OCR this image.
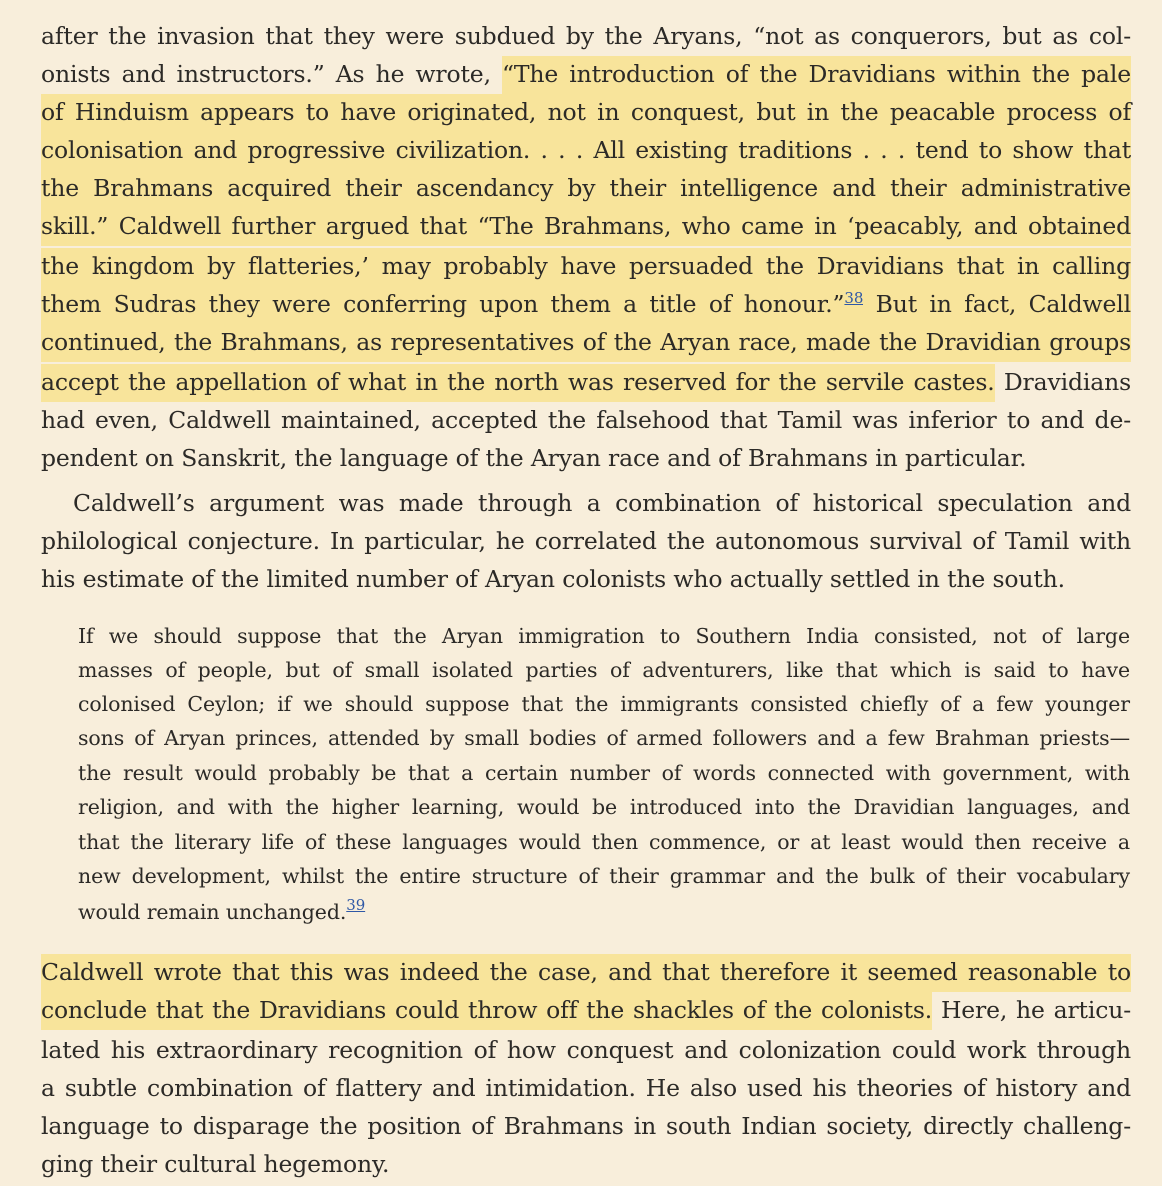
after the invasion that they were subdued by the Aryans, “not as conquerors, but as col-
onists and instructors.” As he wrote, “The introduction of the Dravidians within the pale
of Hinduism appears to have originated, not in conquest, but in the peacable process of
colonisation and progressive civilization. . . . All existing traditions . . . tend to show that
the Brahmans acquired their ascendancy by their intelligence and their administrative
skill.” Caldwell further argued that “The Brahmans, who came in ‘peacably, and obtained
the kingdom by flatteries,’ may probably have persuaded the Dravidians that in calling
them Sudras they were conferring upon them a title of honour.”$^{38}$ But in fact, Caldwell
continued, the Brahmans, as representatives of the Aryan race, made the Dravidian groups
accept the appellation of what in the north was reserved for the servile castes. Dravidians
had even, Caldwell maintained, accepted the falsehood that Tamil was inferior to and de-
pendent on Sanskrit, the language of the Aryan race and of Brahmans in particular.
Caldwell’s argument was made through a combination of historical speculation and
philological conjecture. In particular, he correlated the autonomous survival of Tamil with
his estimate of the limited number of Aryan colonists who actually settled in the south.
If we should suppose that the Aryan immigration to Southern India consisted, not of large
masses of people, but of small isolated parties of adventurers, like that which is said to have
colonised Ceylon; if we should suppose that the immigrants consisted chiefly of a few younger
sons of Aryan princes, attended by small bodies of armed followers and a few Brahman priests—
the result would probably be that a certain number of words connected with government, with
religion, and with the higher learning, would be introduced into the Dravidian languages, and
that the literary life of these languages would then commence, or at least would then receive a
new development, whilst the entire structure of their grammar and the bulk of their vocabulary
would remain unchanged.$^{39}$
Caldwell wrote that this was indeed the case, and that therefore it seemed reasonable to
conclude that the Dravidians could throw off the shackles of the colonists. Here, he articu-
lated his extraordinary recognition of how conquest and colonization could work through
a subtle combination of flattery and intimidation. He also used his theories of history and
language to disparage the position of Brahmans in south Indian society, directly challeng-
ging their cultural hegemony.
